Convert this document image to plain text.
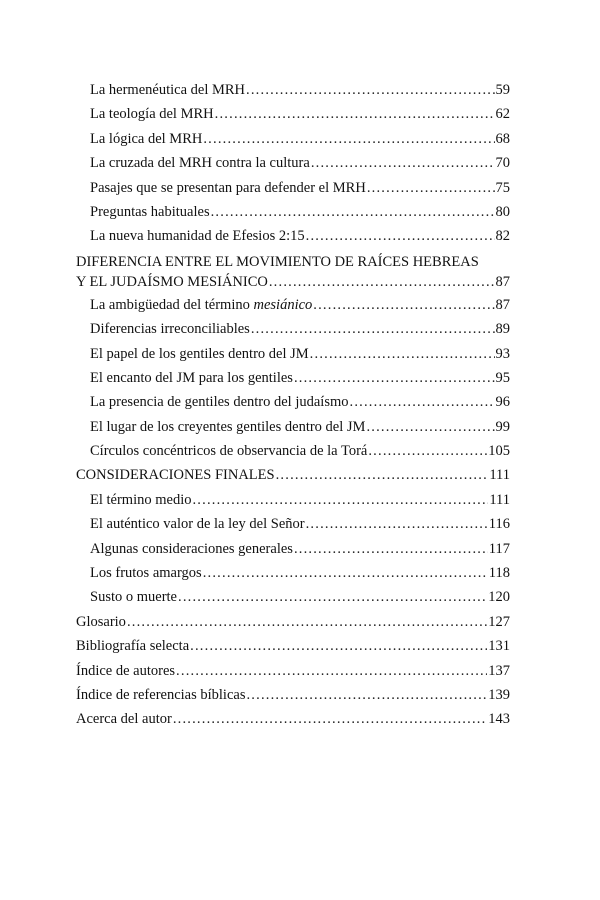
La hermenéutica del MRH .....	59
La teología del MRH .....	62
La lógica del MRH .....	68
La cruzada del MRH contra la cultura .....	70
Pasajes que se presentan para defender el MRH .....	75
Preguntas habituales .....	80
La nueva humanidad de Efesios 2:15 .....	82
DIFERENCIA ENTRE EL MOVIMIENTO DE RAÍCES HEBREAS
Y EL JUDAÍSMO MESIÁNICO .....	87
La ambigüedad del término mesiánico .....	87
Diferencias irreconciliables .....	89
El papel de los gentiles dentro del JM .....	93
El encanto del JM para los gentiles .....	95
La presencia de gentiles dentro del judaísmo .....	96
El lugar de los creyentes gentiles dentro del JM .....	99
Círculos concéntricos de observancia de la Torá .....	105
CONSIDERACIONES FINALES .....	111
El término medio .....	111
El auténtico valor de la ley del Señor .....	116
Algunas consideraciones generales .....	117
Los frutos amargos .....	118
Susto o muerte .....	120
Glosario .....	127
Bibliografía selecta .....	131
Índice de autores .....	137
Índice de referencias bíblicas .....	139
Acerca del autor .....	143
